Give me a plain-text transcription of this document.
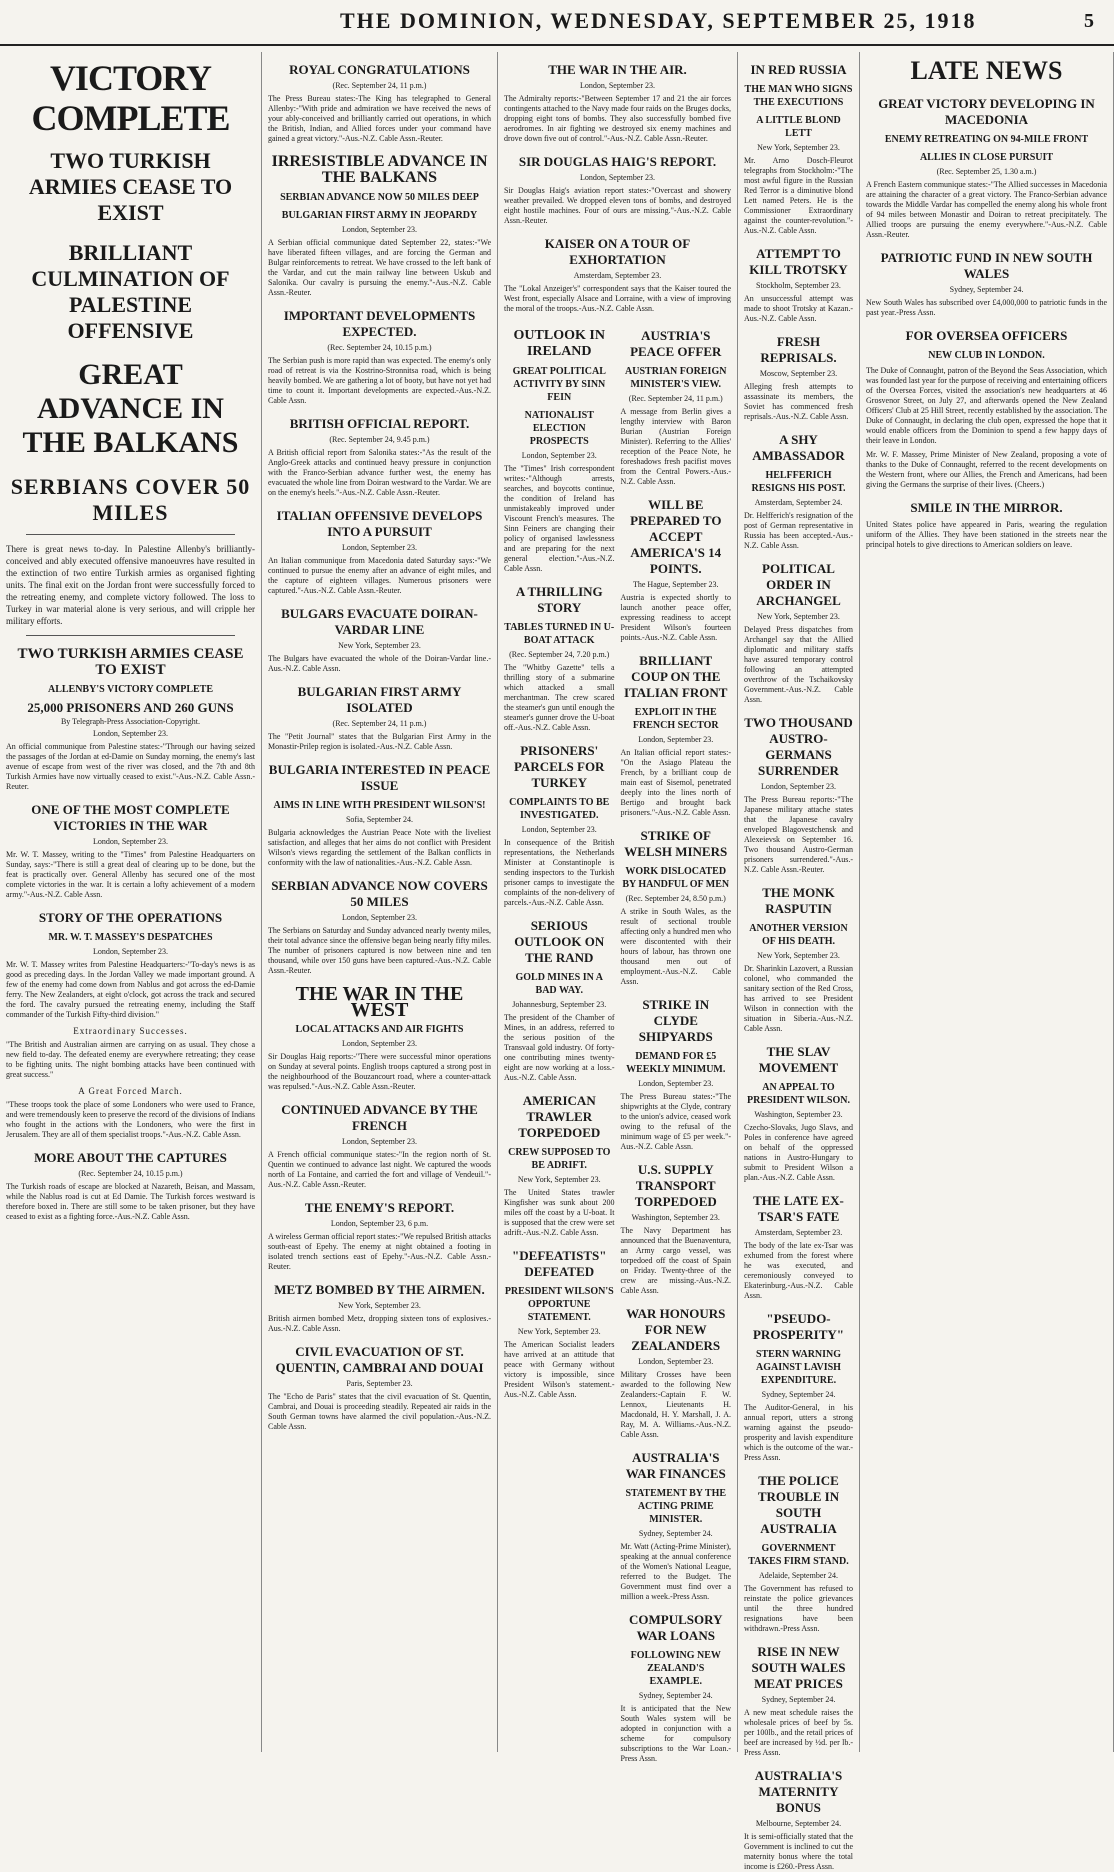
THE DOMINION, WEDNESDAY, SEPTEMBER 25, 1918	5
VICTORY COMPLETE
TWO TURKISH ARMIES CEASE TO EXIST
BRILLIANT CULMINATION OF PALESTINE OFFENSIVE
GREAT ADVANCE IN THE BALKANS
SERBIANS COVER 50 MILES

There is great news to-day. In Palestine Allenby's brilliantly-conceived and ably executed offensive manoeuvres have resulted in the extinction of two entire Turkish armies as organised fighting units. The final exit on the Jordan front were successfully forced to the retreating enemy, and complete victory followed. The loss to Turkey in war material alone is very serious, and will cripple her military efforts.

TWO TURKISH ARMIES CEASE TO EXIST
ALLENBY'S VICTORY COMPLETE
25,000 PRISONERS AND 260 GUNS
By Telegraph-Press Association-Copyright.
London, September 23.

An official communique from Palestine states:-"Through our having seized the passages of the Jordan at ed-Damie on Sunday morning, the enemy's last avenue of escape from west of the river was closed, and the 7th and 8th Turkish Armies have now virtually ceased to exist."-Aus.-N.Z. Cable Assn.-Reuter.

ONE OF THE MOST COMPLETE VICTORIES IN THE WAR
London, September 23.

Mr. W. T. Massey, writing to the "Times" from Palestine Headquarters on Sunday, says:-"There is still a great deal of clearing up to be done, but the feat is practically over. General Allenby has secured one of the most complete victories in the war. It is certain a lofty achievement of a modern army."-Aus.-N.Z. Cable Assn.

STORY OF THE OPERATIONS
MR. W. T. MASSEY'S DESPATCHES
London, September 23.

Mr. W. T. Massey writes from Palestine Headquarters:-"To-day's news is as good as preceding days. In the Jordan Valley we made important ground. A few of the enemy had come down from Nablus and got across the ed-Damie ferry. The New Zealanders, at eight o'clock, got across the track and secured the ford. The cavalry pursued the retreating enemy, including the Staff commander of the Turkish Fifty-third division."

Extraordinary Successes.

"The British and Australian airmen are carrying on as usual. They chose a new field to-day. The defeated enemy are everywhere retreating; they cease to be fighting units. The night bombing attacks have been continued with great success."

A Great Forced March.

"These troops took the place of some Londoners who were used to France, and were tremendously keen to preserve the record of the divisions of Indians who fought in the actions with the Londoners, who were the first in Jerusalem. They are all of them specialist troops."-Aus.-N.Z. Cable Assn.

MORE ABOUT THE CAPTURES
(Rec. September 24, 10.15 p.m.)

The Turkish roads of escape are blocked at Nazareth, Beisan, and Massam, while the Nablus road is cut at Ed Damie. The Turkish forces westward is therefore boxed in. There are still some to be taken prisoner, but they have ceased to exist as a fighting force.-Aus.-N.Z. Cable Assn.

ROYAL CONGRATULATIONS
(Rec. September 24, 11 p.m.)

The Press Bureau states:-The King has telegraphed to General Allenby:-"With pride and admiration we have received the news of your ably-conceived and brilliantly carried out operations, in which the British, Indian, and Allied forces under your command have gained a great victory."-Aus.-N.Z. Cable Assn.-Reuter.

IRRESISTIBLE ADVANCE IN THE BALKANS
SERBIAN ADVANCE NOW 50 MILES DEEP
BULGARIAN FIRST ARMY IN JEOPARDY
London, September 23.

A Serbian official communique dated September 22, states:-"We have liberated fifteen villages, and are forcing the German and Bulgar reinforcements to retreat. We have crossed to the left bank of the Vardar, and cut the main railway line between Uskub and Salonika. Our cavalry is pursuing the enemy."-Aus.-N.Z. Cable Assn.-Reuter.

IMPORTANT DEVELOPMENTS EXPECTED.
(Rec. September 24, 10.15 p.m.)

The Serbian push is more rapid than was expected. The enemy's only road of retreat is via the Kostrino-Stronnitsa road, which is being heavily bombed. We are gathering a lot of booty, but have not yet had time to count it. Important developments are expected.-Aus.-N.Z. Cable Assn.

BRITISH OFFICIAL REPORT.
(Rec. September 24, 9.45 p.m.)

A British official report from Salonika states:-"As the result of the Anglo-Greek attacks and continued heavy pressure in conjunction with the Franco-Serbian advance further west, the enemy has evacuated the whole line from Doiran westward to the Vardar. We are on the enemy's heels."-Aus.-N.Z. Cable Assn.-Reuter.

ITALIAN OFFENSIVE DEVELOPS INTO A PURSUIT
London, September 23.

An Italian communique from Macedonia dated Saturday says:-"We continued to pursue the enemy after an advance of eight miles, and the capture of eighteen villages. Numerous prisoners were captured."-Aus.-N.Z. Cable Assn.-Reuter.

BULGARS EVACUATE DOIRAN-VARDAR LINE
New York, September 23.

The Bulgars have evacuated the whole of the Doiran-Vardar line.-Aus.-N.Z. Cable Assn.

BULGARIAN FIRST ARMY ISOLATED
(Rec. September 24, 11 p.m.)

The "Petit Journal" states that the Bulgarian First Army in the Monastir-Prilep region is isolated.-Aus.-N.Z. Cable Assn.

BULGARIA INTERESTED IN PEACE ISSUE
AIMS IN LINE WITH PRESIDENT WILSON'S!
Sofia, September 24.

Bulgaria acknowledges the Austrian Peace Note with the liveliest satisfaction, and alleges that her aims do not conflict with President Wilson's views regarding the settlement of the Balkan conflicts in conformity with the law of nationalities.-Aus.-N.Z. Cable Assn.

SERBIAN ADVANCE NOW COVERS 50 MILES
London, September 23.

The Serbians on Saturday and Sunday advanced nearly twenty miles, their total advance since the offensive began being nearly fifty miles. The number of prisoners captured is now between nine and ten thousand, while over 150 guns have been captured.-Aus.-N.Z. Cable Assn.-Reuter.

THE WAR IN THE WEST
LOCAL ATTACKS AND AIR FIGHTS
London, September 23.

Sir Douglas Haig reports:-"There were successful minor operations on Sunday at several points. English troops captured a strong post in the neighbourhood of the Bouzancourt road, where a counter-attack was repulsed."-Aus.-N.Z. Cable Assn.-Reuter.

CONTINUED ADVANCE BY THE FRENCH
London, September 23.

A French official communique states:-"In the region north of St. Quentin we continued to advance last night. We captured the woods north of La Fontaine, and carried the fort and village of Vendeuil."-Aus.-N.Z. Cable Assn.-Reuter.

THE ENEMY'S REPORT.
London, September 23, 6 p.m.

A wireless German official report states:-"We repulsed British attacks south-east of Epehy. The enemy at night obtained a footing in isolated trench sections east of Epehy."-Aus.-N.Z. Cable Assn.-Reuter.

METZ BOMBED BY THE AIRMEN.
New York, September 23.

British airmen bombed Metz, dropping sixteen tons of explosives.-Aus.-N.Z. Cable Assn.

CIVIL EVACUATION OF ST. QUENTIN, CAMBRAI AND DOUAI
Paris, September 23.

The "Echo de Paris" states that the civil evacuation of St. Quentin, Cambrai, and Douai is proceeding steadily. Repeated air raids in the South German towns have alarmed the civil population.-Aus.-N.Z. Cable Assn.

THE WAR IN THE AIR.
London, September 23.

The Admiralty reports:-"Between September 17 and 21 the air forces contingents attached to the Navy made four raids on the Bruges docks, dropping eight tons of bombs. They also successfully bombed five aerodromes. In air fighting we destroyed six enemy machines and drove down five out of control."-Aus.-N.Z. Cable Assn.-Reuter.

SIR DOUGLAS HAIG'S REPORT.
London, September 23.

Sir Douglas Haig's aviation report states:-"Overcast and showery weather prevailed. We dropped eleven tons of bombs, and destroyed eight hostile machines. Four of ours are missing."-Aus.-N.Z. Cable Assn.-Reuter.

KAISER ON A TOUR OF EXHORTATION
Amsterdam, September 23.

The "Lokal Anzeiger's" correspondent says that the Kaiser toured the West front, especially Alsace and Lorraine, with a view of improving the moral of the troops.-Aus.-N.Z. Cable Assn.

OUTLOOK IN IRELAND
GREAT POLITICAL ACTIVITY BY SINN FEIN
NATIONALIST ELECTION PROSPECTS
London, September 23.

The "Times" Irish correspondent writes:-"Although arrests, searches, and boycotts continue, the condition of Ireland has unmistakeably improved under Viscount French's measures. The Sinn Feiners are changing their policy of organised lawlessness and are preparing for the next general election."-Aus.-N.Z. Cable Assn.

A THRILLING STORY
TABLES TURNED IN U-BOAT ATTACK
(Rec. September 24, 7.20 p.m.)

The "Whitby Gazette" tells a thrilling story of a submarine which attacked a small merchantman. The crew scared the steamer's gun until enough the steamer's gunner drove the U-boat off.-Aus.-N.Z. Cable Assn.

PRISONERS' PARCELS FOR TURKEY
COMPLAINTS TO BE INVESTIGATED.
London, September 23.

In consequence of the British representations, the Netherlands Minister at Constantinople is sending inspectors to the Turkish prisoner camps to investigate the complaints of the non-delivery of parcels.-Aus.-N.Z. Cable Assn.

SERIOUS OUTLOOK ON THE RAND
GOLD MINES IN A BAD WAY.
Johannesburg, September 23.

The president of the Chamber of Mines, in an address, referred to the serious position of the Transvaal gold industry. Of forty-one contributing mines twenty-eight are now working at a loss.-Aus.-N.Z. Cable Assn.

AMERICAN TRAWLER TORPEDOED
CREW SUPPOSED TO BE ADRIFT.
New York, September 23.

The United States trawler Kingfisher was sunk about 200 miles off the coast by a U-boat. It is supposed that the crew were set adrift.-Aus.-N.Z. Cable Assn.

"DEFEATISTS" DEFEATED
PRESIDENT WILSON'S OPPORTUNE STATEMENT.
New York, September 23.

The American Socialist leaders have arrived at an attitude that peace with Germany without victory is impossible, since President Wilson's statement.-Aus.-N.Z. Cable Assn.

AUSTRIA'S PEACE OFFER
AUSTRIAN FOREIGN MINISTER'S VIEW.
(Rec. September 24, 11 p.m.)

A message from Berlin gives a lengthy interview with Baron Burian (Austrian Foreign Minister). Referring to the Allies' reception of the Peace Note, he foreshadows fresh pacifist moves from the Central Powers.-Aus.-N.Z. Cable Assn.

WILL BE PREPARED TO ACCEPT AMERICA'S 14 POINTS.
The Hague, September 23.

Austria is expected shortly to launch another peace offer, expressing readiness to accept President Wilson's fourteen points.-Aus.-N.Z. Cable Assn.

BRILLIANT COUP ON THE ITALIAN FRONT
EXPLOIT IN THE FRENCH SECTOR
London, September 23.

An Italian official report states:-"On the Asiago Plateau the French, by a brilliant coup de main east of Sisemol, penetrated deeply into the lines north of Bertigo and brought back prisoners."-Aus.-N.Z. Cable Assn.

STRIKE OF WELSH MINERS
WORK DISLOCATED BY HANDFUL OF MEN
(Rec. September 24, 8.50 p.m.)

A strike in South Wales, as the result of sectional trouble affecting only a hundred men who were discontented with their hours of labour, has thrown one thousand men out of employment.-Aus.-N.Z. Cable Assn.

STRIKE IN CLYDE SHIPYARDS
DEMAND FOR £5 WEEKLY MINIMUM.
London, September 23.

The Press Bureau states:-"The shipwrights at the Clyde, contrary to the union's advice, ceased work owing to the refusal of the minimum wage of £5 per week."-Aus.-N.Z. Cable Assn.

U.S. SUPPLY TRANSPORT TORPEDOED
Washington, September 23.

The Navy Department has announced that the Buenaventura, an Army cargo vessel, was torpedoed off the coast of Spain on Friday. Twenty-three of the crew are missing.-Aus.-N.Z. Cable Assn.

WAR HONOURS FOR NEW ZEALANDERS
London, September 23.

Military Crosses have been awarded to the following New Zealanders:-Captain F. W. Lennox, Lieutenants H. Macdonald, H. Y. Marshall, J. A. Ray, M. A. Williams.-Aus.-N.Z. Cable Assn.

AUSTRALIA'S WAR FINANCES
STATEMENT BY THE ACTING PRIME MINISTER.
Sydney, September 24.

Mr. Watt (Acting-Prime Minister), speaking at the annual conference of the Women's National League, referred to the Budget. The Government must find over a million a week.-Press Assn.

COMPULSORY WAR LOANS
FOLLOWING NEW ZEALAND'S EXAMPLE.
Sydney, September 24.

It is anticipated that the New South Wales system will be adopted in conjunction with a scheme for compulsory subscriptions to the War Loan.-Press Assn.

IN RED RUSSIA
THE MAN WHO SIGNS THE EXECUTIONS
A LITTLE BLOND LETT
New York, September 23.

Mr. Arno Dosch-Fleurot telegraphs from Stockholm:-"The most awful figure in the Russian Red Terror is a diminutive blond Lett named Peters. He is the Commissioner Extraordinary against the counter-revolution."-Aus.-N.Z. Cable Assn.

ATTEMPT TO KILL TROTSKY
Stockholm, September 23.

An unsuccessful attempt was made to shoot Trotsky at Kazan.-Aus.-N.Z. Cable Assn.

FRESH REPRISALS.
Moscow, September 23.

Alleging fresh attempts to assassinate its members, the Soviet has commenced fresh reprisals.-Aus.-N.Z. Cable Assn.

A SHY AMBASSADOR
HELFFERICH RESIGNS HIS POST.
Amsterdam, September 24.

Dr. Helfferich's resignation of the post of German representative in Russia has been accepted.-Aus.-N.Z. Cable Assn.

POLITICAL ORDER IN ARCHANGEL
New York, September 23.

Delayed Press dispatches from Archangel say that the Allied diplomatic and military staffs have assured temporary control following an attempted overthrow of the Tschaikovsky Government.-Aus.-N.Z. Cable Assn.

TWO THOUSAND AUSTRO-GERMANS SURRENDER
London, September 23.

The Press Bureau reports:-"The Japanese military attache states that the Japanese cavalry enveloped Blagovestchensk and Alexeievsk on September 16. Two thousand Austro-German prisoners surrendered."-Aus.-N.Z. Cable Assn.-Reuter.

THE MONK RASPUTIN
ANOTHER VERSION OF HIS DEATH.
New York, September 23.

Dr. Sharinkin Lazovert, a Russian colonel, who commanded the sanitary section of the Red Cross, has arrived to see President Wilson in connection with the situation in Siberia.-Aus.-N.Z. Cable Assn.

THE SLAV MOVEMENT
AN APPEAL TO PRESIDENT WILSON.
Washington, September 23.

Czecho-Slovaks, Jugo Slavs, and Poles in conference have agreed on behalf of the oppressed nations in Austro-Hungary to submit to President Wilson a plan.-Aus.-N.Z. Cable Assn.

THE LATE EX-TSAR'S FATE
Amsterdam, September 23.

The body of the late ex-Tsar was exhumed from the forest where he was executed, and ceremoniously conveyed to Ekaterinburg.-Aus.-N.Z. Cable Assn.

"PSEUDO-PROSPERITY"
STERN WARNING AGAINST LAVISH EXPENDITURE.
Sydney, September 24.

The Auditor-General, in his annual report, utters a strong warning against the pseudo-prosperity and lavish expenditure which is the outcome of the war.-Press Assn.

THE POLICE TROUBLE IN SOUTH AUSTRALIA
GOVERNMENT TAKES FIRM STAND.
Adelaide, September 24.

The Government has refused to reinstate the police grievances until the three hundred resignations have been withdrawn.-Press Assn.

RISE IN NEW SOUTH WALES MEAT PRICES
Sydney, September 24.

A new meat schedule raises the wholesale prices of beef by 5s. per 100lb., and the retail prices of beef are increased by ½d. per lb.-Press Assn.

AUSTRALIA'S MATERNITY BONUS
Melbourne, September 24.

It is semi-officially stated that the Government is inclined to cut the maternity bonus where the total income is £260.-Press Assn.

LATE NEWS
GREAT VICTORY DEVELOPING IN MACEDONIA
ENEMY RETREATING ON 94-MILE FRONT
ALLIES IN CLOSE PURSUIT
(Rec. September 25, 1.30 a.m.)

A French Eastern communique states:-"The Allied successes in Macedonia are attaining the character of a great victory. The Franco-Serbian advance towards the Middle Vardar has compelled the enemy along his whole front of 94 miles between Monastir and Doiran to retreat precipitately. The Allied troops are pursuing the enemy everywhere."-Aus.-N.Z. Cable Assn.-Reuter.

PATRIOTIC FUND IN NEW SOUTH WALES
Sydney, September 24.

New South Wales has subscribed over £4,000,000 to patriotic funds in the past year.-Press Assn.

FOR OVERSEA OFFICERS
NEW CLUB IN LONDON.

The Duke of Connaught, patron of the Beyond the Seas Association, which was founded last year for the purpose of receiving and entertaining officers of the Oversea Forces, visited the association's new headquarters at 46 Grosvenor Street, on July 27, and afterwards opened the New Zealand Officers' Club at 25 Hill Street, recently established by the association. The Duke of Connaught, in declaring the club open, expressed the hope that it would enable officers from the Dominion to spend a few happy days of their leave in London.

Mr. W. F. Massey, Prime Minister of New Zealand, proposing a vote of thanks to the Duke of Connaught, referred to the recent developments on the Western front, where our Allies, the French and Americans, had been giving the Germans the surprise of their lives. (Cheers.)

SMILE IN THE MIRROR.

United States police have appeared in Paris, wearing the regulation uniform of the Allies. They have been stationed in the streets near the principal hotels to give directions to American soldiers on leave.
